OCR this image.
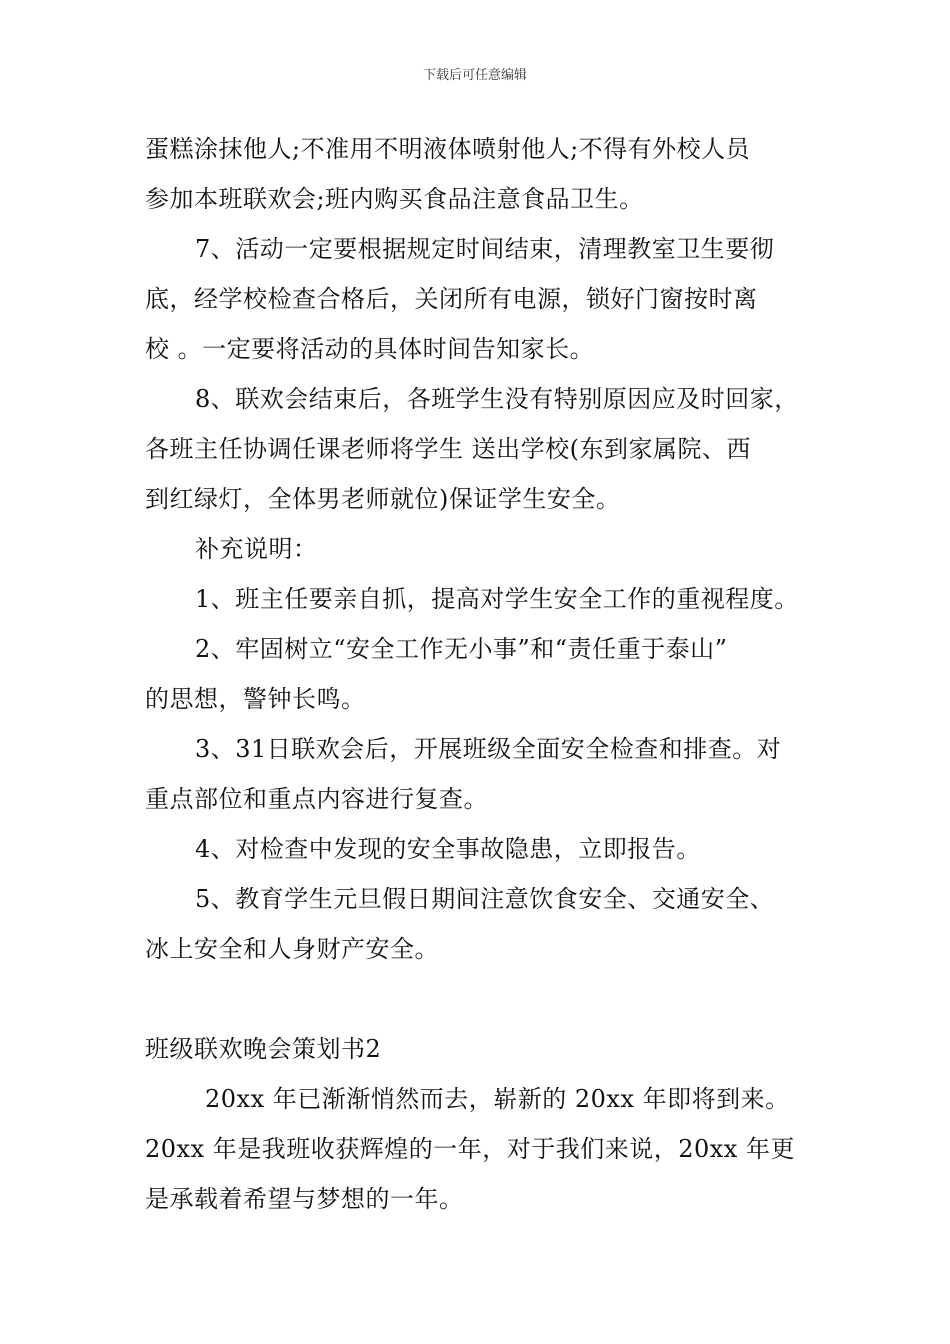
下载后可任意编辑
蛋糕涂抹他人;不准用不明液体喷射他人;不得有外校人员
参加本班联欢会;班内购买食品注意食品卫生。
7、活动一定要根据规定时间结束，清理教室卫生要彻
底，经学校检查合格后，关闭所有电源，锁好门窗按时离
校 。一定要将活动的具体时间告知家长。
8、联欢会结束后，各班学生没有特别原因应及时回家，
各班主任协调任课老师将学生 送出学校(东到家属院、西
到红绿灯，全体男老师就位)保证学生安全。
补充说明：
1、班主任要亲自抓，提高对学生安全工作的重视程度。
2、牢固树立“安全工作无小事”和“责任重于泰山”
的思想，警钟长鸣。
3、31日联欢会后，开展班级全面安全检查和排查。对
重点部位和重点内容进行复查。
4、对检查中发现的安全事故隐患，立即报告。
5、教育学生元旦假日期间注意饮食安全、交通安全、
冰上安全和人身财产安全。
班级联欢晚会策划书2
20xx 年已渐渐悄然而去，崭新的 20xx 年即将到来。
20xx 年是我班收获辉煌的一年，对于我们来说，20xx 年更
是承载着希望与梦想的一年。
